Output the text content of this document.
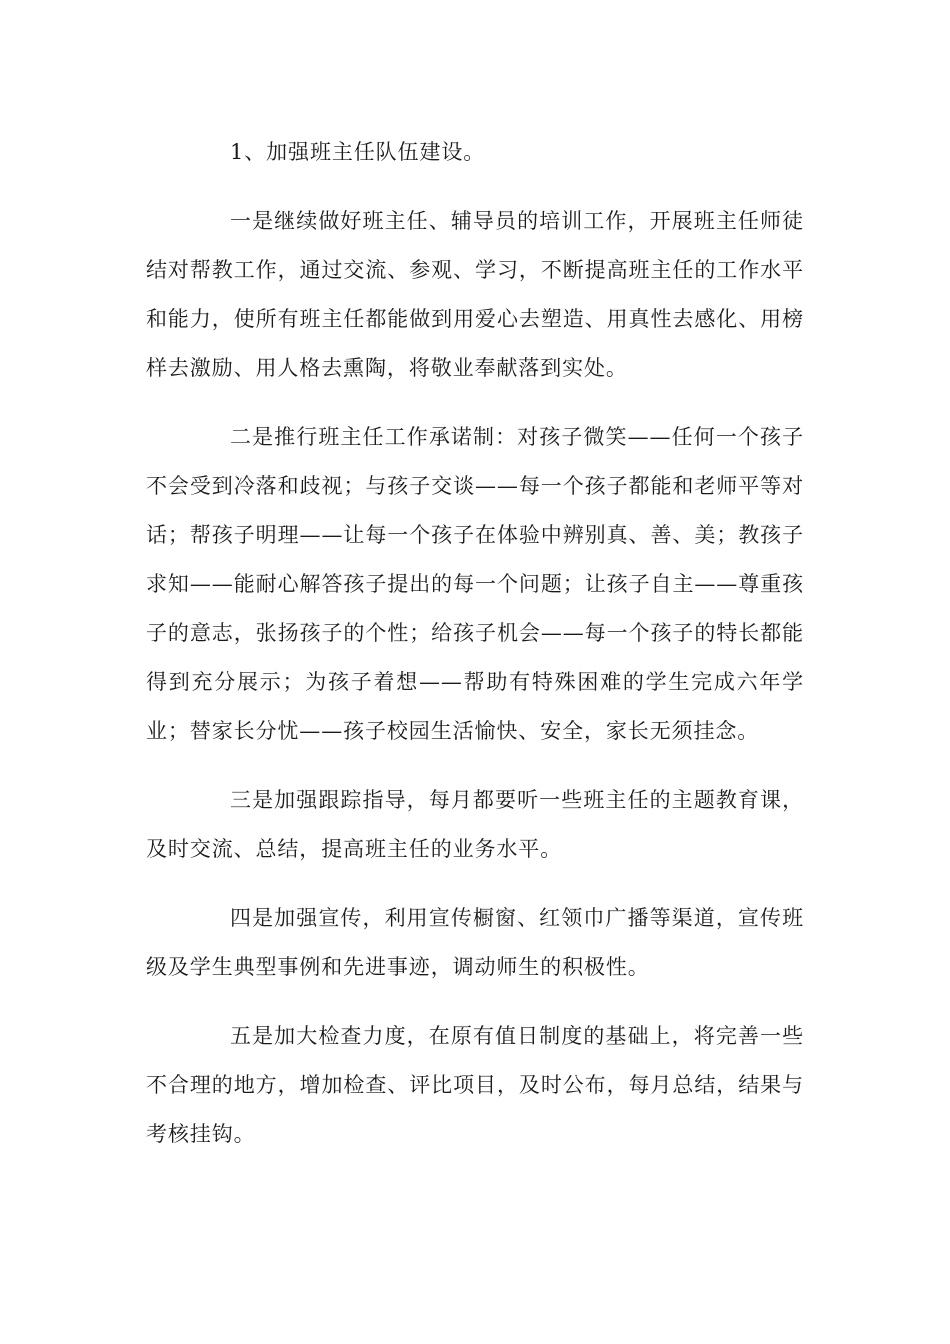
1、加强班主任队伍建设。

一是继续做好班主任、辅导员的培训工作，开展班主任师徒结对帮教工作，通过交流、参观、学习，不断提高班主任的工作水平和能力，使所有班主任都能做到用爱心去塑造、用真性去感化、用榜样去激励、用人格去熏陶，将敬业奉献落到实处。

二是推行班主任工作承诺制：对孩子微笑——任何一个孩子不会受到冷落和歧视；与孩子交谈——每一个孩子都能和老师平等对话；帮孩子明理——让每一个孩子在体验中辨别真、善、美；教孩子求知——能耐心解答孩子提出的每一个问题；让孩子自主——尊重孩子的意志，张扬孩子的个性；给孩子机会——每一个孩子的特长都能得到充分展示；为孩子着想——帮助有特殊困难的学生完成六年学业；替家长分忧——孩子校园生活愉快、安全，家长无须挂念。

三是加强跟踪指导，每月都要听一些班主任的主题教育课，及时交流、总结，提高班主任的业务水平。

四是加强宣传，利用宣传橱窗、红领巾广播等渠道，宣传班级及学生典型事例和先进事迹，调动师生的积极性。

五是加大检查力度，在原有值日制度的基础上，将完善一些不合理的地方，增加检查、评比项目，及时公布，每月总结，结果与考核挂钩。
